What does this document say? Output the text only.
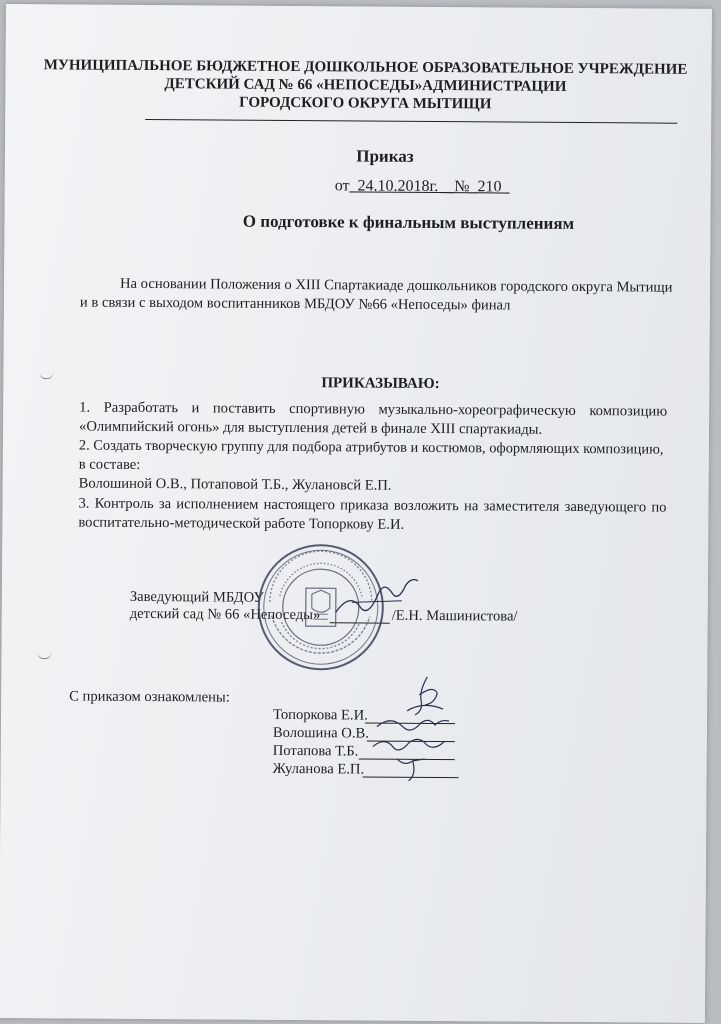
МУНИЦИПАЛЬНОЕ БЮДЖЕТНОЕ ДОШКОЛЬНОЕ ОБРАЗОВАТЕЛЬНОЕ УЧРЕЖДЕНИЕ
ДЕТСКИЙ САД № 66 «НЕПОСЕДЫ»АДМИНИСТРАЦИИ
ГОРОДСКОГО ОКРУГА МЫТИЩИ
Приказ
от_24.10.2018г.__№_210_
О подготовке к финальным выступлениям
На основании Положения о XIII Спартакиаде дошкольников городского округа Мытищи
и в связи с выходом воспитанников МБДОУ №66 «Непоседы» финал
ПРИКАЗЫВАЮ:
1. Разработать и поставить спортивную музыкально-хореографическую композицию
«Олимпийский огонь» для выступления детей в финале XIII спартакиады.
2. Создать творческую группу для подбора атрибутов и костюмов, оформляющих композицию,
в составе:
Волошиной О.В., Потаповой Т.Б., Жулановсй Е.П.
3. Контроль за исполнением настоящего приказа возложить на заместителя заведующего по
воспитательно-методической работе Топоркову Е.И.
Заведующий МБДОУ
детский сад № 66 «Непоседы»	/Е.Н. Машинистова/
С приказом ознакомлены:
Топоркова Е.И.
Волошина О.В.
Потапова Т.Б.
Жуланова Е.П.
